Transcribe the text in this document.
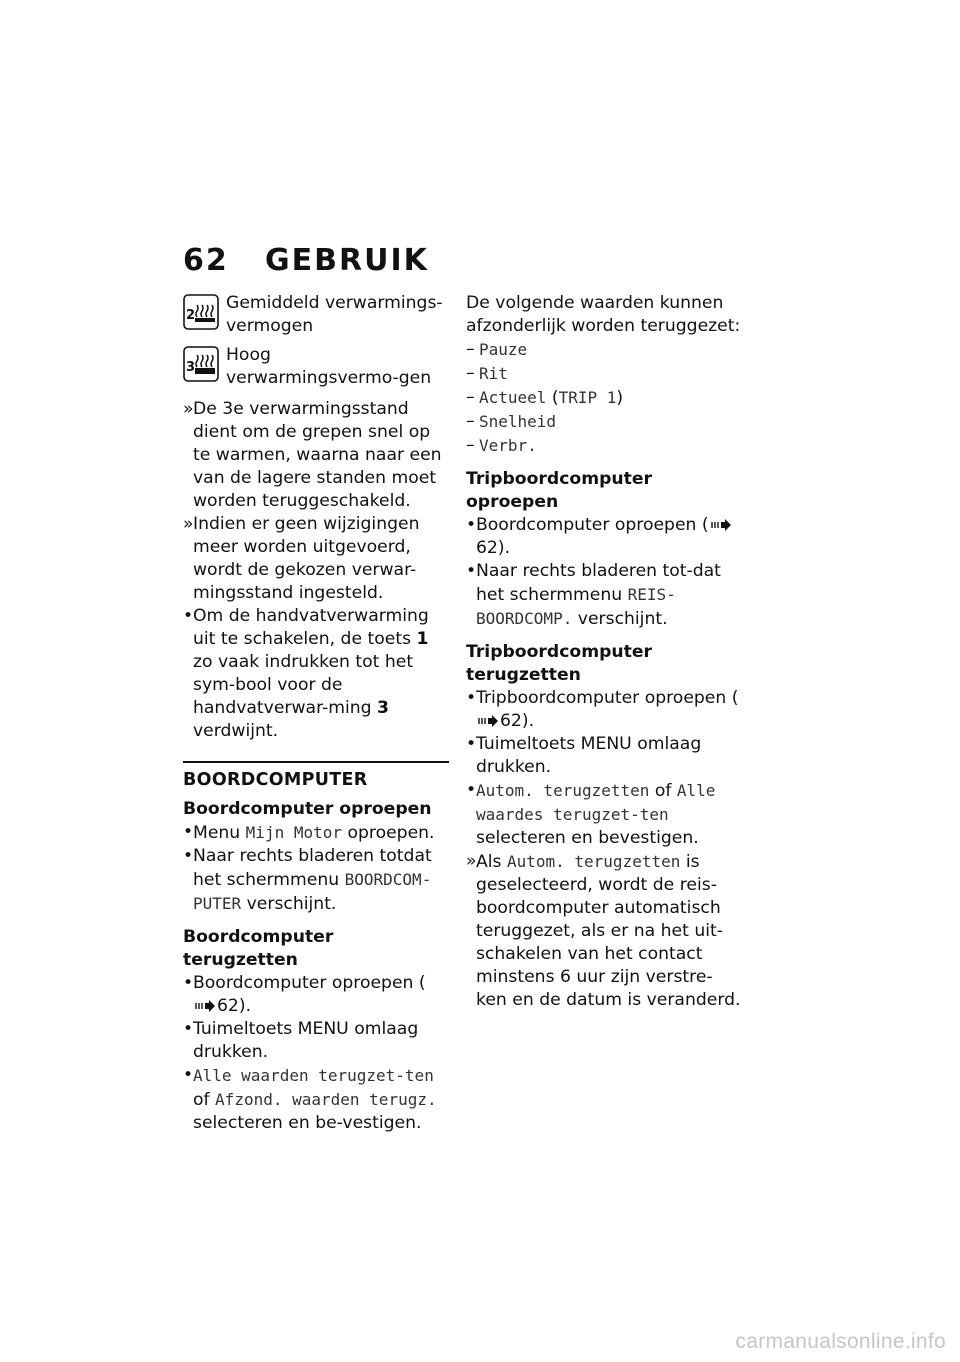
62 GEBRUIK
2

Gemiddeld verwarmings-vermogen

3

Hoog verwarmingsvermo-gen

» De 3e verwarmingsstand dient om de grepen snel op te warmen, waarna naar een van de lagere standen moet worden teruggeschakeld.
» Indien er geen wijzigingen meer worden uitgevoerd, wordt de gekozen verwar-mingsstand ingesteld.
• Om de handvatverwarming uit te schakelen, de toets 1 zo vaak indrukken tot het sym-bool voor de handvatverwar-ming 3 verdwijnt.
BOORDCOMPUTER
Boordcomputer oproepen
• Menu Mijn Motor oproepen.
• Naar rechts bladeren totdat het schermmenu BOORDCOM-PUTER verschijnt.
Boordcomputer terugzetten
• Boordcomputer oproepen (62).
• Tuimeltoets MENU omlaag drukken.
• Alle waarden terugzet-ten of Afzond. waarden terugz. selecteren en be-vestigen.

De volgende waarden kunnen afzonderlijk worden teruggezet:

– Pauze
– Rit
– Actueel (TRIP 1)
– Snelheid
– Verbr.
Tripboordcomputer oproepen
• Boordcomputer oproepen (62).
• Naar rechts bladeren tot-dat het schermmenu REIS-BOORDCOMP. verschijnt.
Tripboordcomputer terugzetten
• Tripboordcomputer oproepen (62).
• Tuimeltoets MENU omlaag drukken.
• Autom. terugzetten of Alle waardes terugzet-ten selecteren en bevestigen.
» Als Autom. terugzetten is geselecteerd, wordt de reis-boordcomputer automatisch teruggezet, als er na het uit-schakelen van het contact minstens 6 uur zijn verstre-ken en de datum is veranderd.
carmanualsonline.info
